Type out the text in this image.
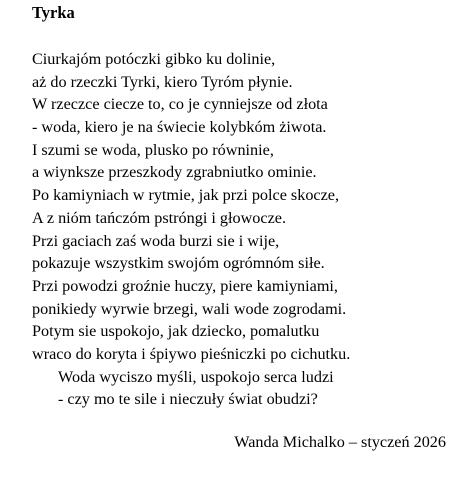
Tyrka
Ciurkajóm potóczki gibko ku dolinie,
aż do rzeczki Tyrki, kiero Tyróm płynie.
W rzeczce ciecze to, co je cynniejsze od złota
- woda, kiero je na świecie kolybkóm żiwota.
I szumi se woda, plusko po równinie,
a wiynksze przeszkody zgrabniutko ominie.
Po kamiyniach w rytmie, jak przi polce skocze,
A z nióm tańczóm pstróngi i głowocze.
Przi gaciach zaś woda burzi sie i wije,
pokazuje wszystkim swojóm ogrómnóm siłe.
Przi powodzi groźnie huczy, piere kamiyniami,
ponikiedy wyrwie brzegi, wali wode zogrodami.
Potym sie uspokojo, jak dziecko, pomalutku
wraco do koryta i śpiywo pieśniczki po cichutku.
Woda wyciszo myśli, uspokojo serca ludzi
- czy mo te sile i nieczuły świat obudzi?
Wanda Michalko – styczeń 2026
